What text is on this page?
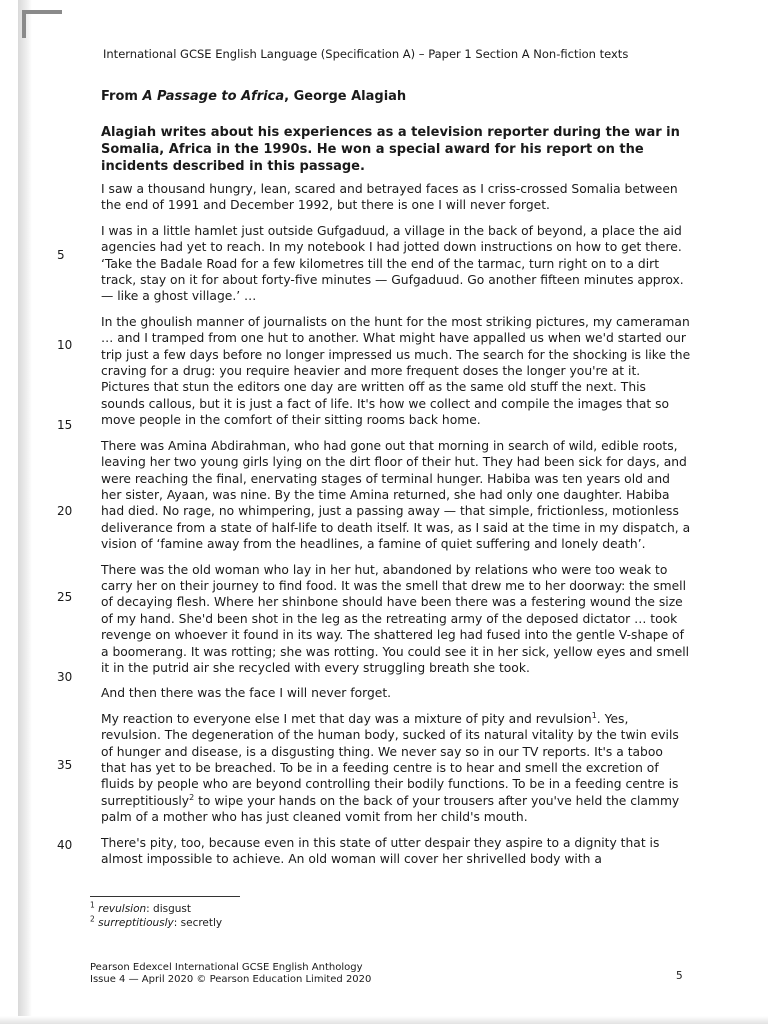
International GCSE English Language (Specification A) – Paper 1 Section A Non-fiction texts
From A Passage to Africa, George Alagiah
Alagiah writes about his experiences as a television reporter during the war in Somalia, Africa in the 1990s. He won a special award for his report on the incidents described in this passage.

I saw a thousand hungry, lean, scared and betrayed faces as I criss-crossed Somalia between the end of 1991 and December 1992, but there is one I will never forget.

I was in a little hamlet just outside Gufgaduud, a village in the back of beyond, a place the aid agencies had yet to reach. In my notebook I had jotted down instructions on how to get there. ‘Take the Badale Road for a few kilometres till the end of the tarmac, turn right on to a dirt track, stay on it for about forty-five minutes — Gufgaduud. Go another fifteen minutes approx. — like a ghost village.’ …

In the ghoulish manner of journalists on the hunt for the most striking pictures, my cameraman … and I tramped from one hut to another. What might have appalled us when we'd started our trip just a few days before no longer impressed us much. The search for the shocking is like the craving for a drug: you require heavier and more frequent doses the longer you're at it. Pictures that stun the editors one day are written off as the same old stuff the next. This sounds callous, but it is just a fact of life. It's how we collect and compile the images that so move people in the comfort of their sitting rooms back home.

There was Amina Abdirahman, who had gone out that morning in search of wild, edible roots, leaving her two young girls lying on the dirt floor of their hut. They had been sick for days, and were reaching the final, enervating stages of terminal hunger. Habiba was ten years old and her sister, Ayaan, was nine. By the time Amina returned, she had only one daughter. Habiba had died. No rage, no whimpering, just a passing away — that simple, frictionless, motionless deliverance from a state of half-life to death itself. It was, as I said at the time in my dispatch, a vision of ‘famine away from the headlines, a famine of quiet suffering and lonely death’.

There was the old woman who lay in her hut, abandoned by relations who were too weak to carry her on their journey to find food. It was the smell that drew me to her doorway: the smell of decaying flesh. Where her shinbone should have been there was a festering wound the size of my hand. She'd been shot in the leg as the retreating army of the deposed dictator … took revenge on whoever it found in its way. The shattered leg had fused into the gentle V-shape of a boomerang. It was rotting; she was rotting. You could see it in her sick, yellow eyes and smell it in the putrid air she recycled with every struggling breath she took.

And then there was the face I will never forget.

My reaction to everyone else I met that day was a mixture of pity and revulsion$^1$. Yes, revulsion. The degeneration of the human body, sucked of its natural vitality by the twin evils of hunger and disease, is a disgusting thing. We never say so in our TV reports. It's a taboo that has yet to be breached. To be in a feeding centre is to hear and smell the excretion of fluids by people who are beyond controlling their bodily functions. To be in a feeding centre is surreptitiously$^2$ to wipe your hands on the back of your trousers after you've held the clammy palm of a mother who has just cleaned vomit from her child's mouth.

There's pity, too, because even in this state of utter despair they aspire to a dignity that is almost impossible to achieve. An old woman will cover her shrivelled body with a

5
10
15
20
25
30
35
40
$^1$ revulsion: disgust
$^2$ surreptitiously: secretly
Pearson Edexcel International GCSE English Anthology
Issue 4 — April 2020 © Pearson Education Limited 2020	5
